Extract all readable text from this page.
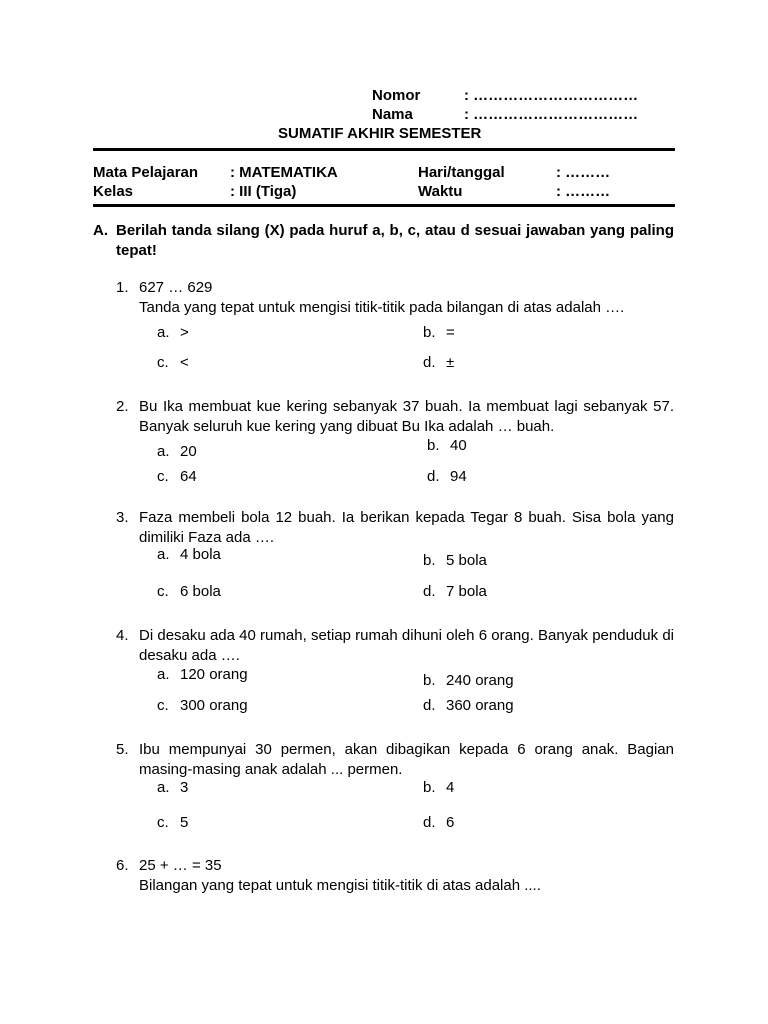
Nomor	: ……………………………
Nama	: ……………………………
SUMATIF AKHIR SEMESTER
Mata Pelajaran : MATEMATIKA	Hari/tanggal	: ………
Kelas	: III (Tiga)	Waktu	: ………
A. Berilah tanda silang (X) pada huruf a, b, c, atau d sesuai jawaban yang paling tepat!
1. 627 … 629
Tanda yang tepat untuk mengisi titik-titik pada bilangan di atas adalah ….
a. >	b. =
c. <	d. ±
2. Bu Ika membuat kue kering sebanyak 37 buah. Ia membuat lagi sebanyak 57. Banyak seluruh kue kering yang dibuat Bu Ika adalah … buah.
a. 20	b. 40
c. 64	d. 94
3. Faza membeli bola 12 buah. Ia berikan kepada Tegar 8 buah. Sisa bola yang dimiliki Faza ada ….
a. 4 bola	b. 5 bola
c. 6 bola	d. 7 bola
4. Di desaku ada 40 rumah, setiap rumah dihuni oleh 6 orang. Banyak penduduk di desaku ada ….
a. 120 orang	b. 240 orang
c. 300 orang	d. 360 orang
5. Ibu mempunyai 30 permen, akan dibagikan kepada 6 orang anak. Bagian masing-masing anak adalah ... permen.
a. 3	b. 4
c. 5	d. 6
6. 25 + … = 35
Bilangan yang tepat untuk mengisi titik-titik di atas adalah ....
